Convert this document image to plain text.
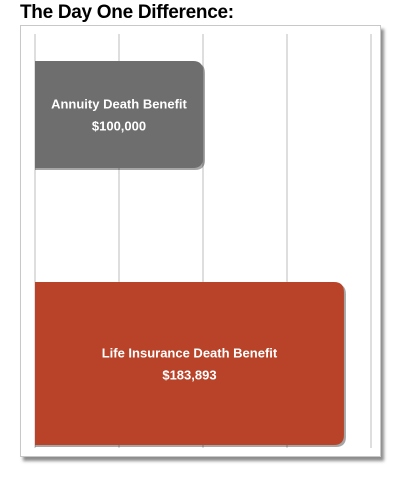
The Day One Difference:
Annuity Death Benefit
$100,000
Life Insurance Death Benefit
$183,893
